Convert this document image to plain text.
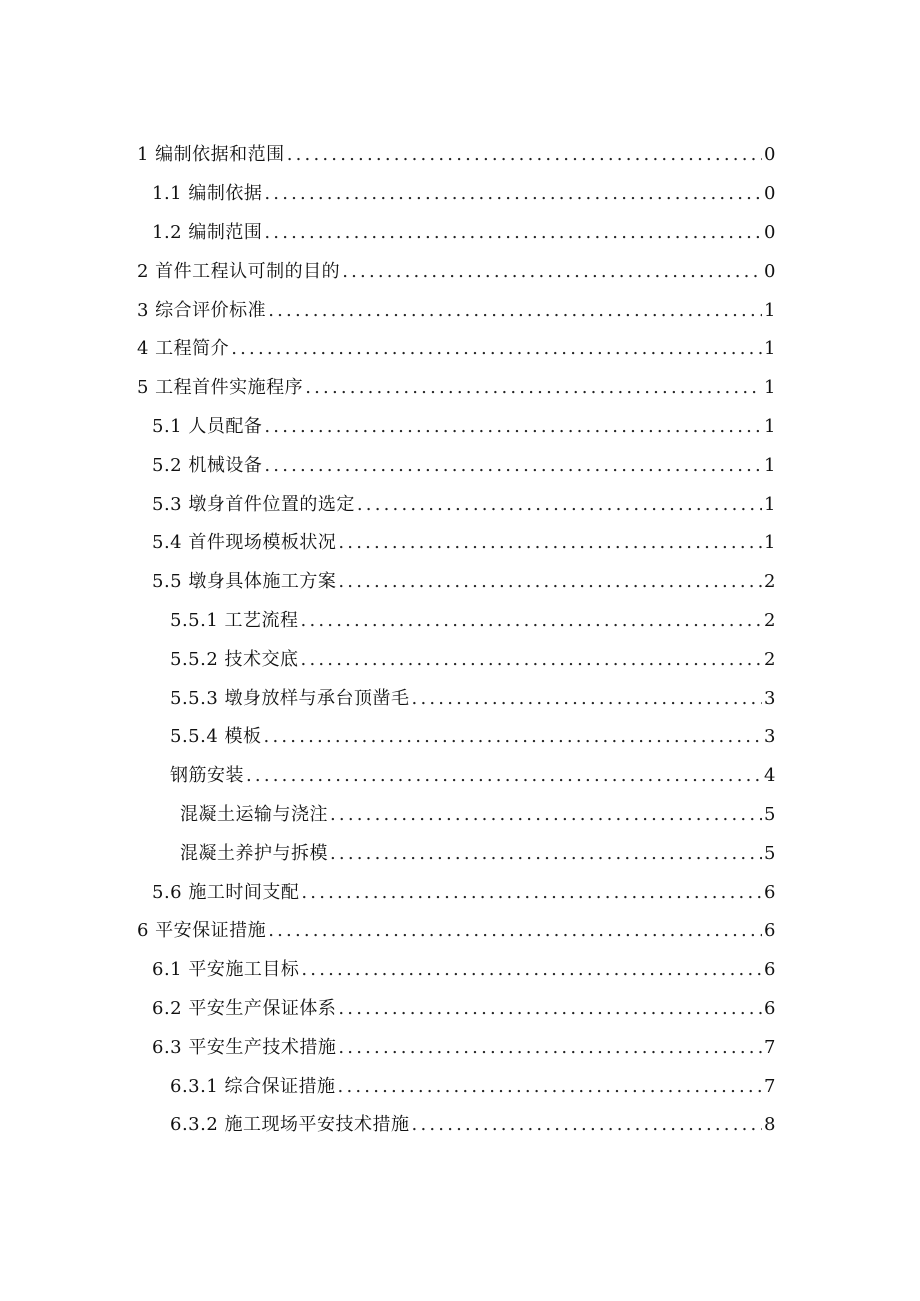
1 编制依据和范围 .....	0
1.1 编制依据 .....	0
1.2 编制范围 .....	0
2 首件工程认可制的目的 .....	0
3 综合评价标准 .....	1
4 工程简介 .....	1
5 工程首件实施程序 .....	1
5.1 人员配备 .....	1
5.2 机械设备 .....	1
5.3 墩身首件位置的选定 .....	1
5.4 首件现场模板状况 .....	1
5.5 墩身具体施工方案 .....	2
5.5.1 工艺流程 .....	2
5.5.2 技术交底 .....	2
5.5.3 墩身放样与承台顶凿毛 .....	3
5.5.4 模板 .....	3
钢筋安装 .....	4
混凝土运输与浇注 .....	5
混凝土养护与拆模 .....	5
5.6 施工时间支配 .....	6
6 平安保证措施 .....	6
6.1 平安施工目标 .....	6
6.2 平安生产保证体系 .....	6
6.3 平安生产技术措施 .....	7
6.3.1 综合保证措施 .....	7
6.3.2 施工现场平安技术措施 .....	8
